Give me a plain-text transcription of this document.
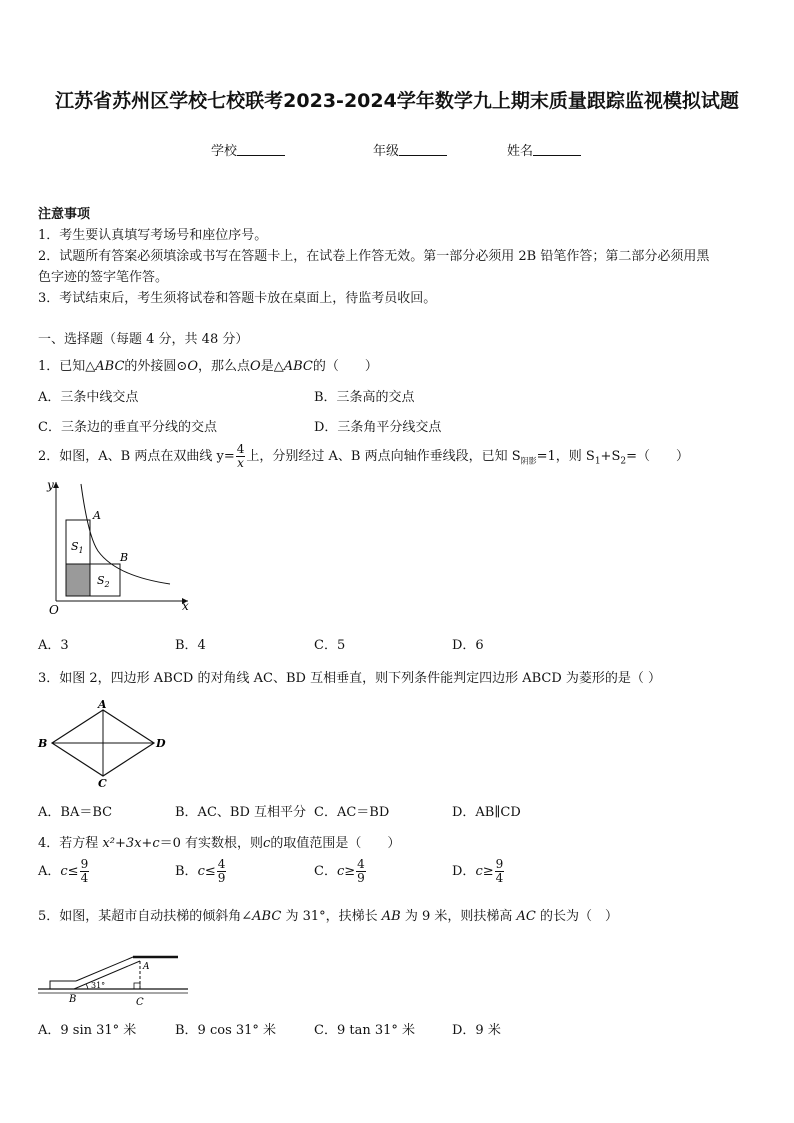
江苏省苏州区学校七校联考2023-2024学年数学九上期末质量跟踪监视模拟试题
学校	年级	姓名
注意事项
1．考生要认真填写考场号和座位序号。
2．试题所有答案必须填涂或书写在答题卡上，在试卷上作答无效。第一部分必须用 2B 铅笔作答；第二部分必须用黑
色字迹的签字笔作答。
3．考试结束后，考生须将试卷和答题卡放在桌面上，待监考员收回。
一、选择题（每题 4 分，共 48 分）
1．已知△ABC的外接圆⊙O，那么点O是△ABC的（　　）
A．三条中线交点	B．三条高的交点
C．三条边的垂直平分线的交点	D．三条角平分线交点
2．如图，A、B 两点在双曲线 $y= \frac{4}{x}$ 上，分别经过 A、B 两点向轴作垂线段，已知 $S_{阴影}=1$，则 $S_1+S_2=$（　　）
y
x
O
A
B
$S_1$
$S_2$
A．3	B．4	C．5	D．6
3．如图 2，四边形 ABCD 的对角线 AC、BD 互相垂直，则下列条件能判定四边形 ABCD 为菱形的是（ ）
A
B
C
D
A．BA＝BC	B．AC、BD 互相平分 C．AC＝BD	D．AB∥CD
4．若方程 x²+3x+c＝0 有实数根，则c的取值范围是（　　）
A．$c\le \frac{9}{4}$	B．$c\le \frac{4}{9}$	C．$c\ge \frac{4}{9}$	D．$c\ge \frac{9}{4}$
5．如图，某超市自动扶梯的倾斜角∠ABC 为 31°，扶梯长 AB 为 9 米，则扶梯高 AC 的长为（　）
B	C
A
31°
A．9 sin 31° 米	B．9 cos 31° 米	C．9 tan 31° 米	D．9 米
